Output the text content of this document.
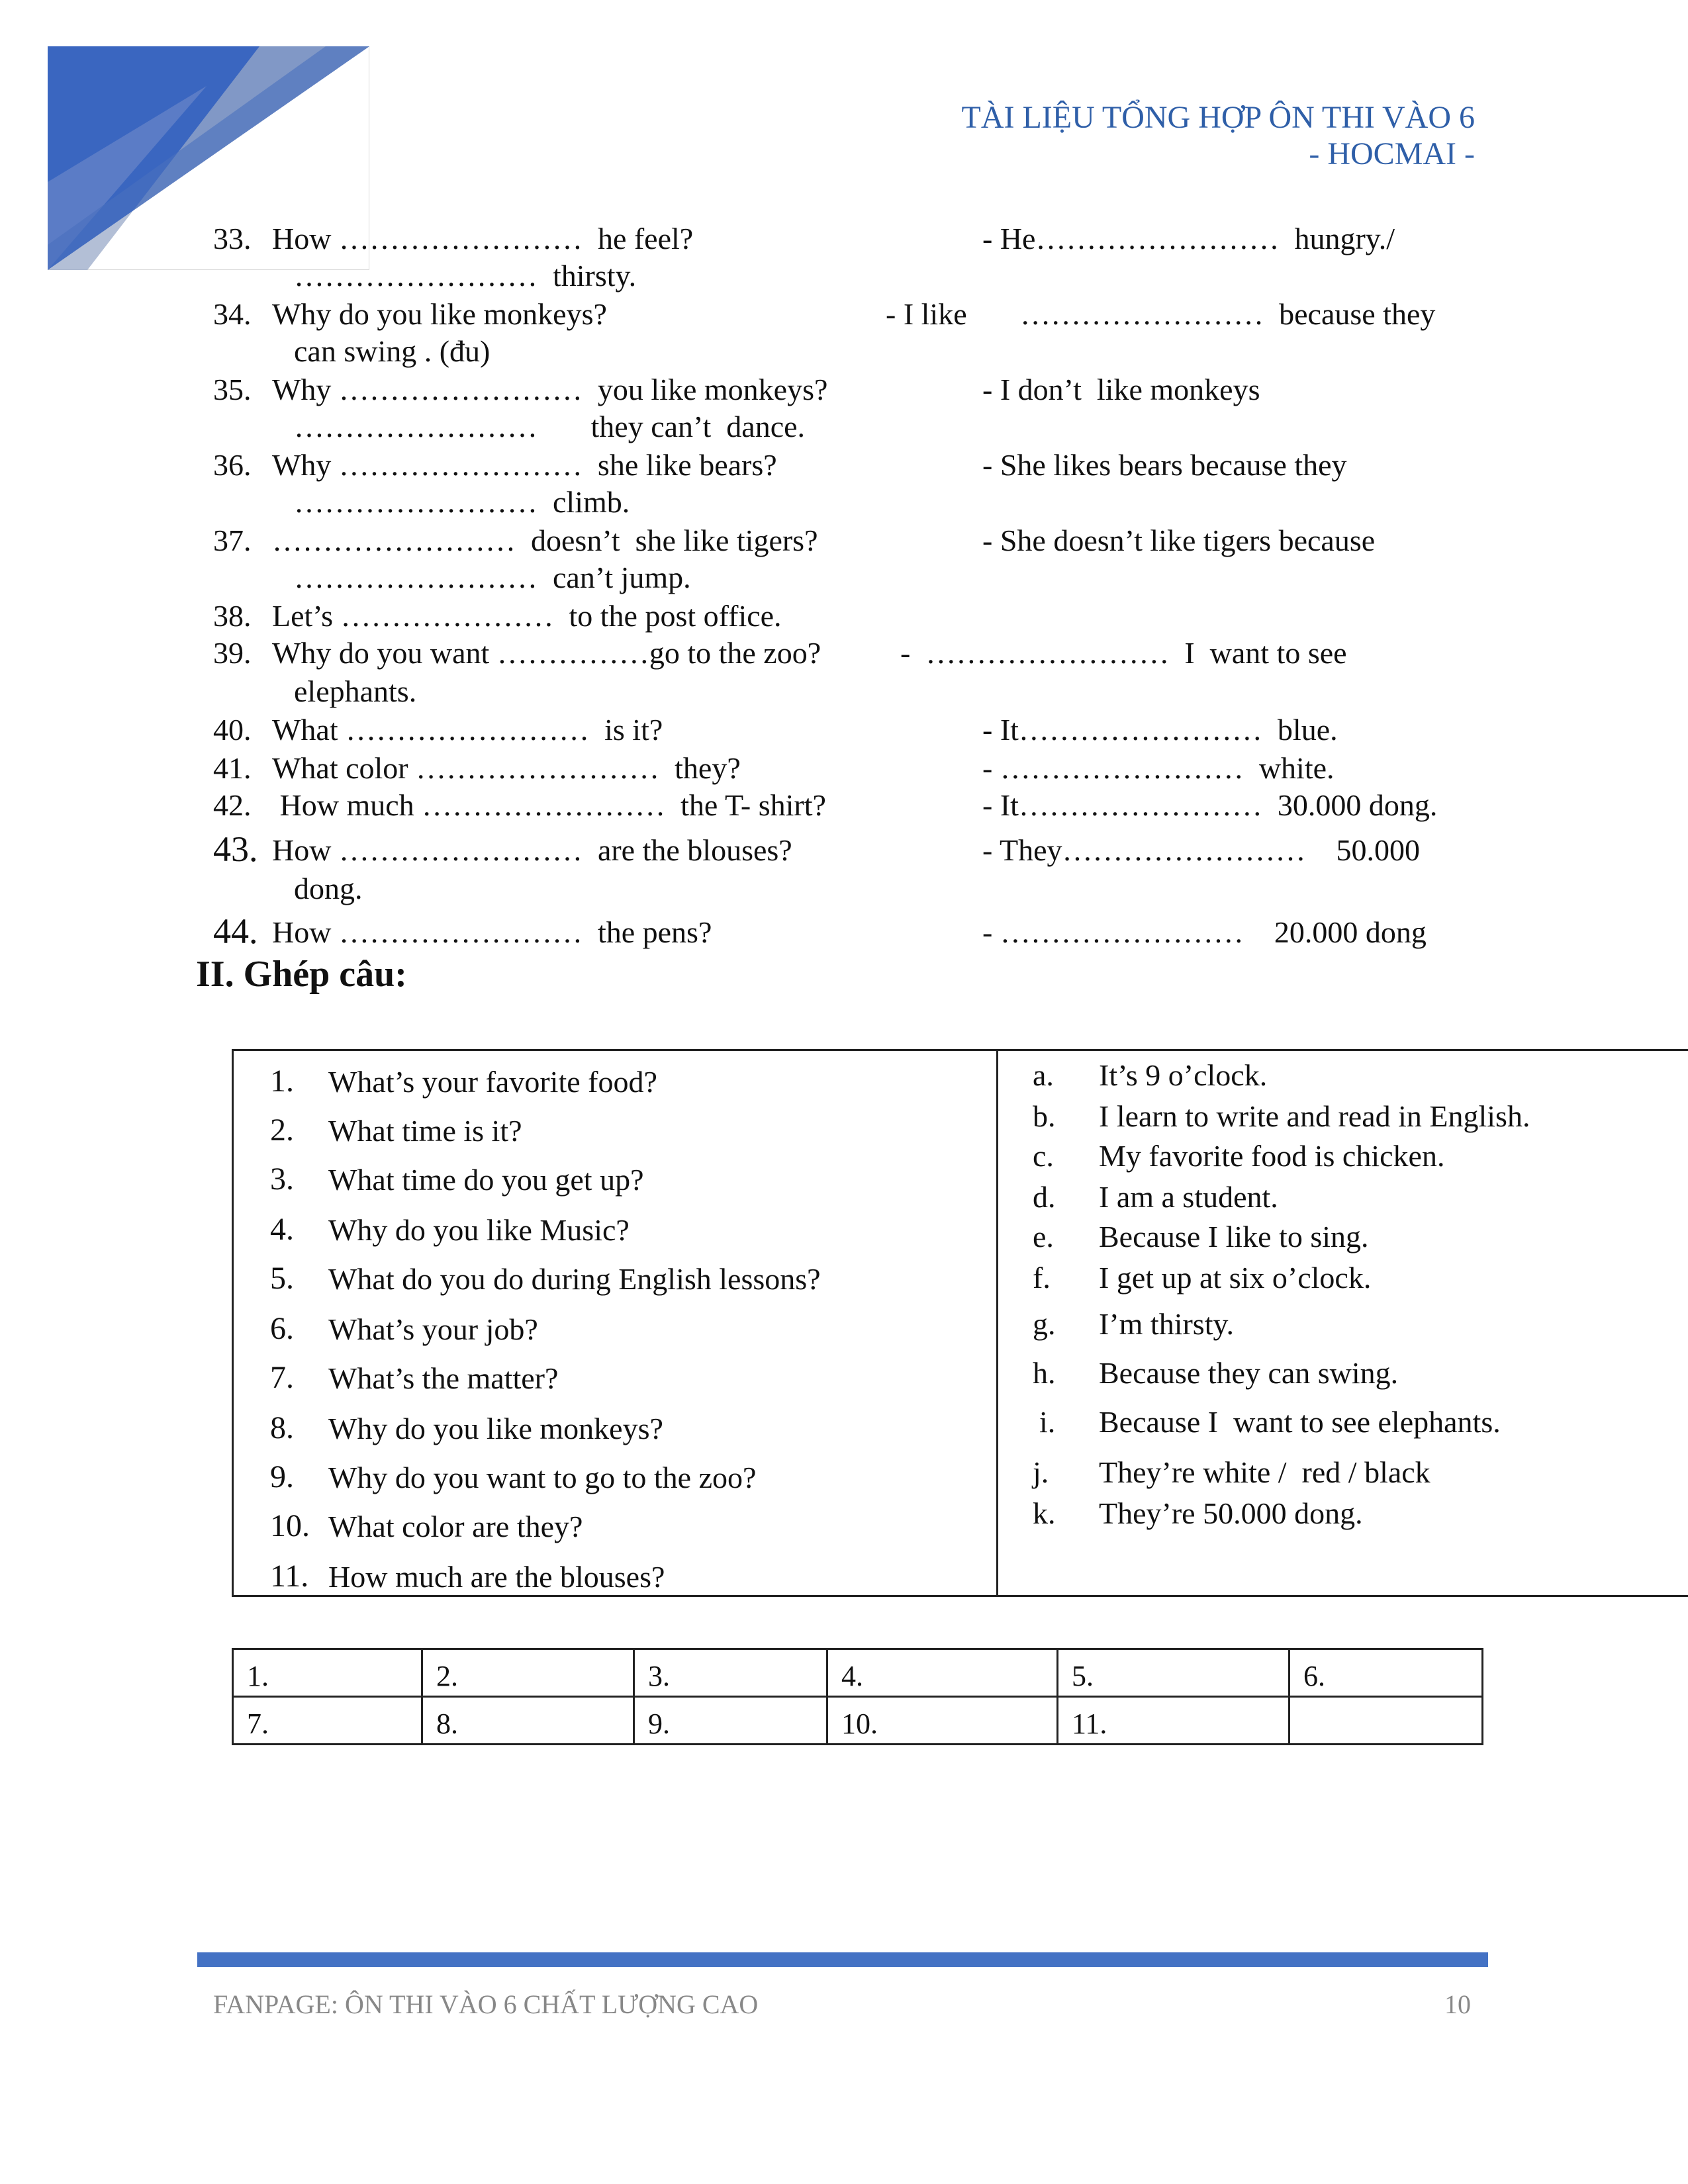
TÀI LIỆU TỔNG HỢP ÔN THI VÀO 6
- HOCMAI -
33. How ……………………  he feel?	- He……………………  hungry./
……………………  thirsty.
34. Why do you like monkeys?	- I like       ……………………  because they
can swing . (đu)
35. Why ……………………  you like monkeys?	- I don’t  like monkeys
……………………       they can’t  dance.
36. Why ……………………  she like bears?	- She likes bears because they
……………………  climb.
37. ……………………  doesn’t  she like tigers?	- She doesn’t like tigers because
……………………  can’t jump.
38. Let’s …………………  to the post office.
39. Why do you want ……………go to the zoo?	-  ……………………  I  want to see
elephants.
40. What ……………………  is it?	- It……………………  blue.
41. What color ……………………  they?	- ……………………  white.
42. How much ……………………  the T- shirt?	- It……………………  30.000 dong.
43. How ……………………  are the blouses?	- They……………………    50.000
dong.
44. How ……………………  the pens?	- ……………………    20.000 dong
II. Ghép câu:
1. What’s your favorite food?
2. What time is it?
3. What time do you get up?
4. Why do you like Music?
5. What do you do during English lessons?
6. What’s your job?
7. What’s the matter?
8. Why do you like monkeys?
9. Why do you want to go to the zoo?
10. What color are they?
11. How much are the blouses?
a. It’s 9 o’clock.
b. I learn to write and read in English.
c. My favorite food is chicken.
d. I am a student.
e. Because I like to sing.
f. I get up at six o’clock.
g. I’m thirsty.
h. Because they can swing.
i. Because I  want to see elephants.
j. They’re white /  red / black
k. They’re 50.000 dong.
1.	2.	3.	4.	5.	6.
7.	8.	9.	10.	11.	
FANPAGE: ÔN THI VÀO 6 CHẤT LƯỢNG CAO	10
